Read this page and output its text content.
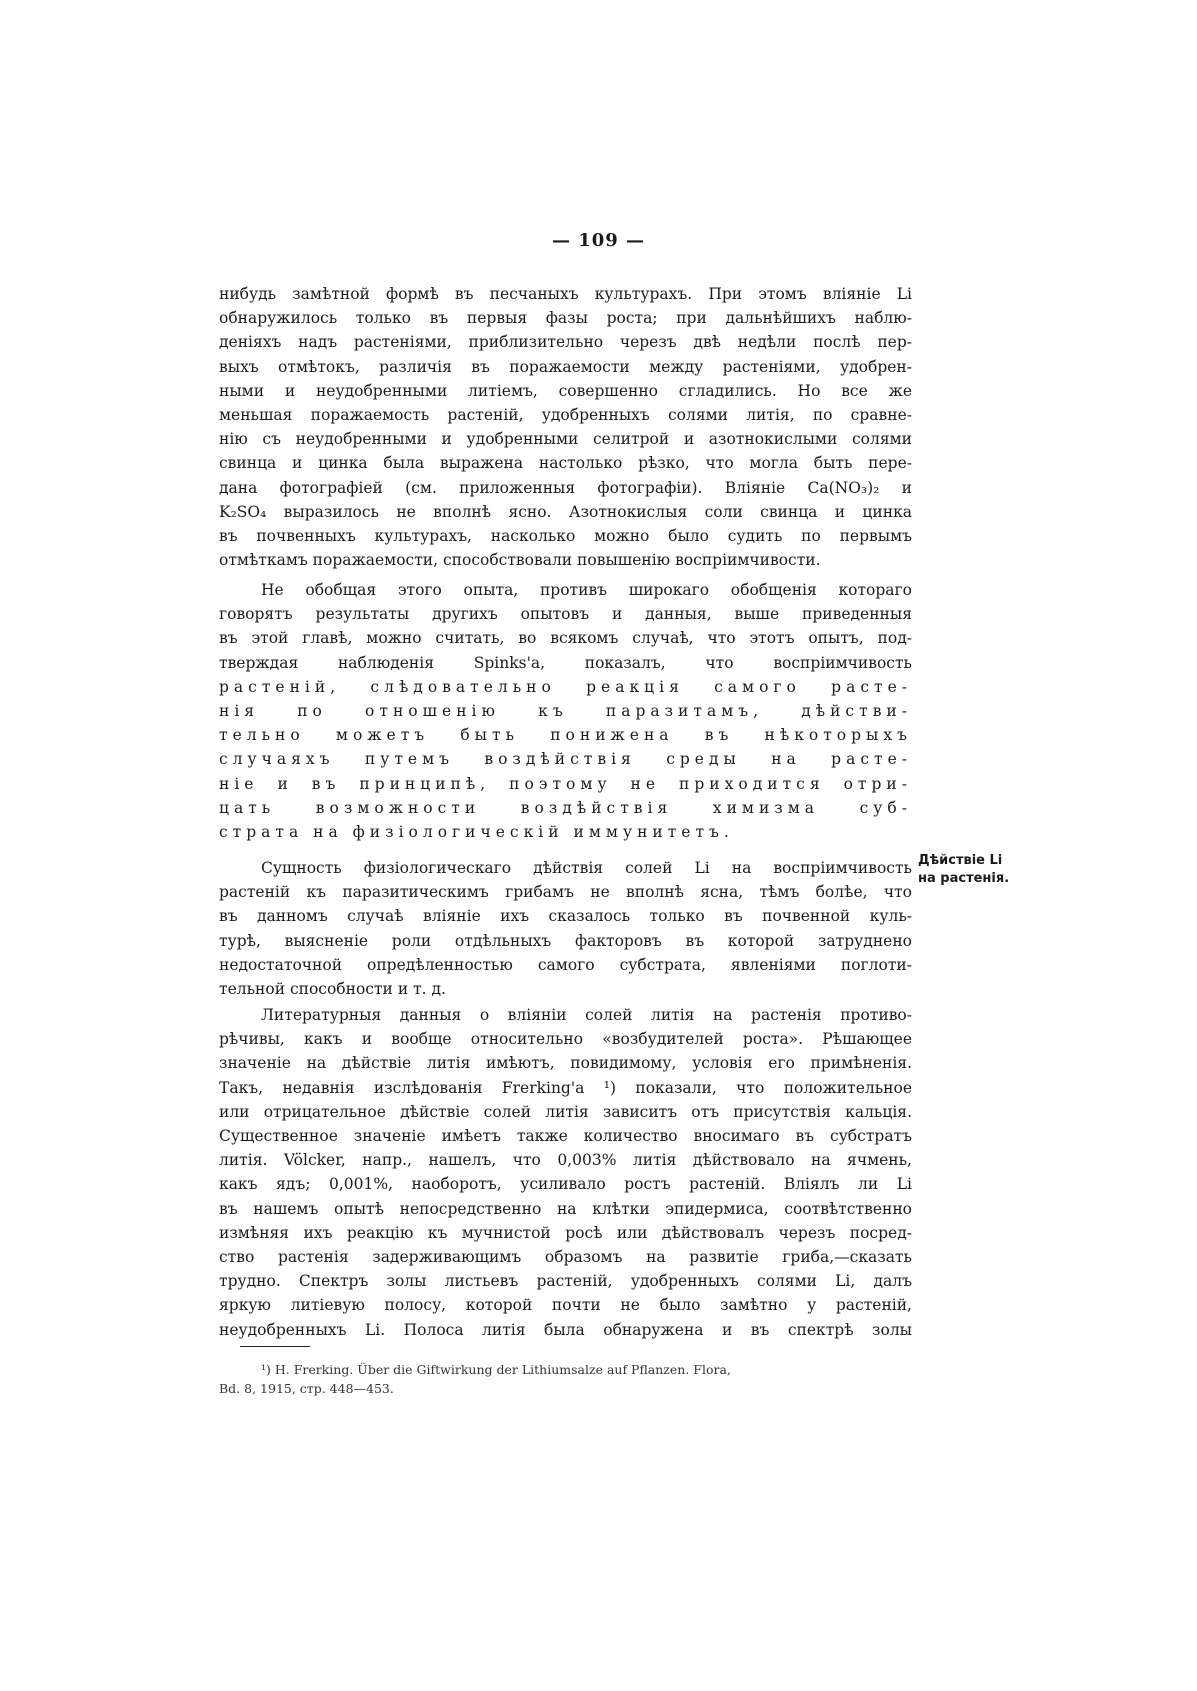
— 109 —
нибудь замѣтной формѣ въ песчаныхъ культурахъ. При этомъ вліяніе Li
обнаружилось только въ первыя фазы роста; при дальнѣйшихъ наблю-
деніяхъ надъ растеніями, приблизительно черезъ двѣ недѣли послѣ пер-
выхъ отмѣтокъ, различія въ поражаемости между растеніями, удобрен-
ными и неудобренными литіемъ, совершенно сгладились. Но все же
меньшая поражаемость растеній, удобренныхъ солями литія, по сравне-
нію съ неудобренными и удобренными селитрой и азотнокислыми солями
свинца и цинка была выражена настолько рѣзко, что могла быть пере-
дана фотографіей (см. приложенныя фотографіи). Вліяніе Ca(NO₃)₂ и
K₂SO₄ выразилось не вполнѣ ясно. Азотнокислыя соли свинца и цинка
въ почвенныхъ культурахъ, насколько можно было судить по первымъ
отмѣткамъ поражаемости, способствовали повышенію воспріимчивости.
Не обобщая этого опыта, противъ широкаго обобщенія котораго
говорятъ результаты другихъ опытовъ и данныя, выше приведенныя
въ этой главѣ, можно считать, во всякомъ случаѣ, что этотъ опытъ, под-
тверждая наблюденія Spinks'а, показалъ, что воспріимчивость
растеній, слѣдовательно реакція самого расте-
нія по отношенію къ паразитамъ, дѣйстви-
тельно можетъ быть понижена въ нѣкоторыхъ
случаяхъ путемъ воздѣйствія среды на расте-
ніе и въ принципѣ, поэтому не приходится отри-
цать возможности воздѣйствія химизма суб-
страта на физіологическій иммунитетъ.
Дѣйствіе Li
на растенія.
Сущность физіологическаго дѣйствія солей Li на воспріимчивость
растеній къ паразитическимъ грибамъ не вполнѣ ясна, тѣмъ болѣе, что
въ данномъ случаѣ вліяніе ихъ сказалось только въ почвенной куль-
турѣ, выясненіе роли отдѣльныхъ факторовъ въ которой затруднено
недостаточной опредѣленностью самого субстрата, явленіями поглоти-
тельной способности и т. д.
Литературныя данныя о вліяніи солей литія на растенія противо-
рѣчивы, какъ и вообще относительно «возбудителей роста». Рѣшающее
значеніе на дѣйствіе литія имѣютъ, повидимому, условія его примѣненія.
Такъ, недавнія изслѣдованія Frerking'а ¹) показали, что положительное
или отрицательное дѣйствіе солей литія зависитъ отъ присутствія кальція.
Существенное значеніе имѣетъ также количество вносимаго въ субстратъ
литія. Völcker, напр., нашелъ, что 0,003% литія дѣйствовало на ячмень,
какъ ядъ; 0,001%, наоборотъ, усиливало ростъ растеній. Вліялъ ли Li
въ нашемъ опытѣ непосредственно на клѣтки эпидермиса, соотвѣтственно
измѣняя ихъ реакцію къ мучнистой росѣ или дѣйствовалъ черезъ посред-
ство растенія задерживающимъ образомъ на развитіе гриба,—сказать
трудно. Спектръ золы листьевъ растеній, удобренныхъ солями Li, далъ
яркую литіевую полосу, которой почти не было замѣтно у растеній,
неудобренныхъ Li. Полоса литія была обнаружена и въ спектрѣ золы
¹) H. Frerking. Über die Giftwirkung der Lithiumsalze auf Pflanzen. Flora,
Bd. 8, 1915, стр. 448—453.
